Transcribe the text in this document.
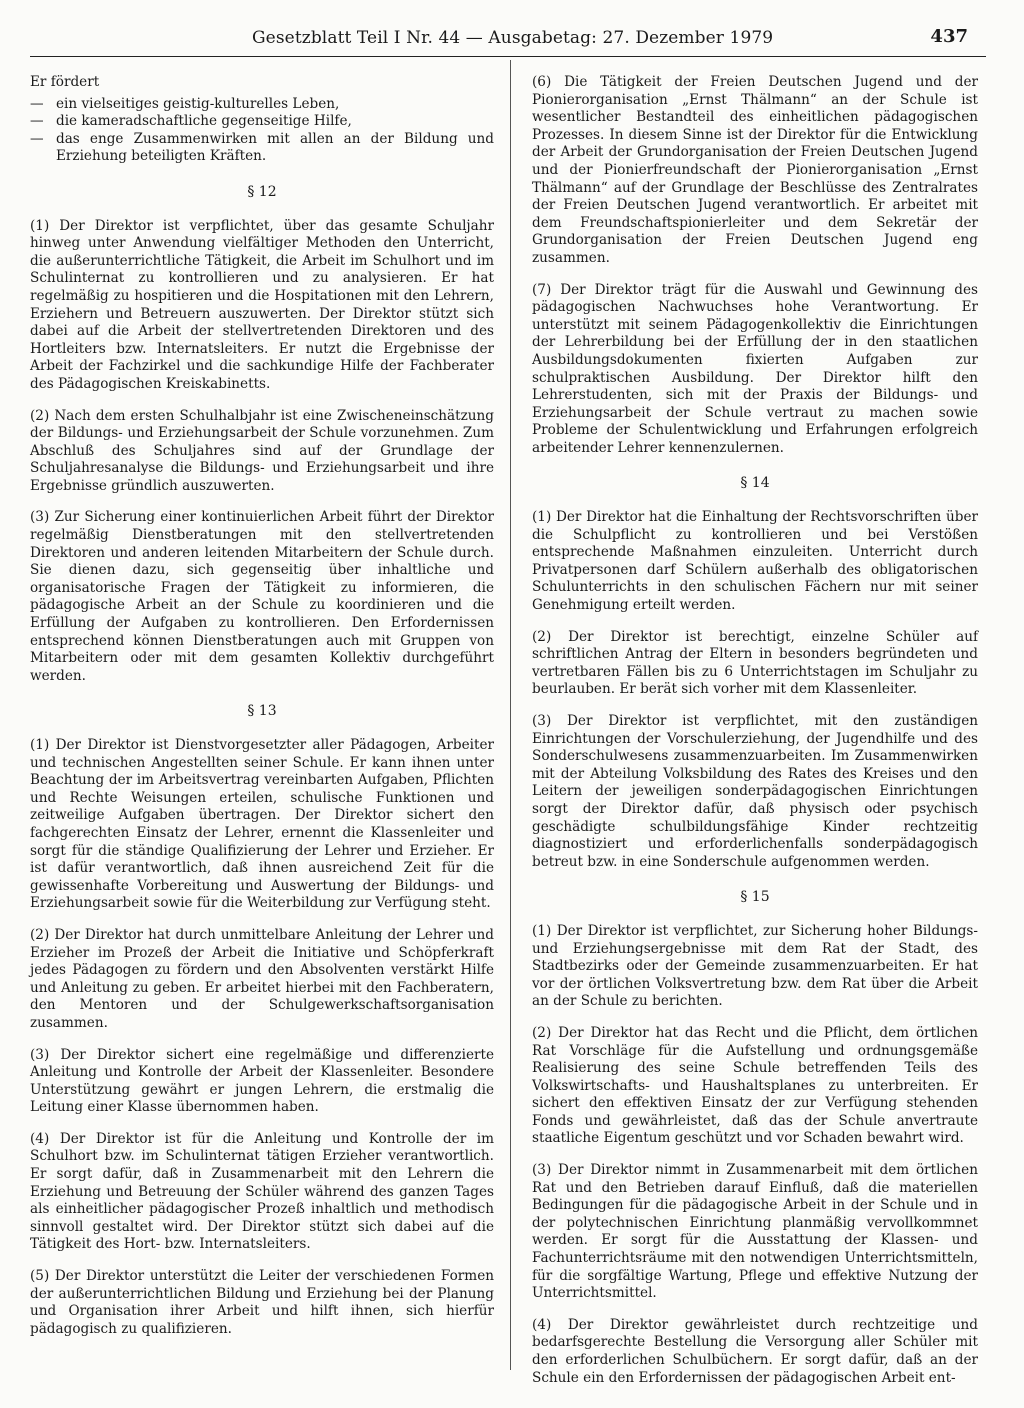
Gesetzblatt Teil I Nr. 44 — Ausgabetag: 27. Dezember 1979	437

Er fördert

— ein vielseitiges geistig-kulturelles Leben,
— die kameradschaftliche gegenseitige Hilfe,
— das enge Zusammenwirken mit allen an der Bildung und Erziehung beteiligten Kräften.
§ 12

(1) Der Direktor ist verpflichtet, über das gesamte Schuljahr hinweg unter Anwendung vielfältiger Methoden den Unterricht, die außerunterrichtliche Tätigkeit, die Arbeit im Schulhort und im Schulinternat zu kontrollieren und zu analysieren. Er hat regelmäßig zu hospitieren und die Hospitationen mit den Lehrern, Erziehern und Betreuern auszuwerten. Der Direktor stützt sich dabei auf die Arbeit der stellvertretenden Direktoren und des Hortleiters bzw. Internatsleiters. Er nutzt die Ergebnisse der Arbeit der Fachzirkel und die sachkundige Hilfe der Fachberater des Pädagogischen Kreiskabinetts.

(2) Nach dem ersten Schulhalbjahr ist eine Zwischeneinschätzung der Bildungs- und Erziehungsarbeit der Schule vorzunehmen. Zum Abschluß des Schuljahres sind auf der Grundlage der Schuljahresanalyse die Bildungs- und Erziehungsarbeit und ihre Ergebnisse gründlich auszuwerten.

(3) Zur Sicherung einer kontinuierlichen Arbeit führt der Direktor regelmäßig Dienstberatungen mit den stellvertretenden Direktoren und anderen leitenden Mitarbeitern der Schule durch. Sie dienen dazu, sich gegenseitig über inhaltliche und organisatorische Fragen der Tätigkeit zu informieren, die pädagogische Arbeit an der Schule zu koordinieren und die Erfüllung der Aufgaben zu kontrollieren. Den Erfordernissen entsprechend können Dienstberatungen auch mit Gruppen von Mitarbeitern oder mit dem gesamten Kollektiv durchgeführt werden.

§ 13

(1) Der Direktor ist Dienstvorgesetzter aller Pädagogen, Arbeiter und technischen Angestellten seiner Schule. Er kann ihnen unter Beachtung der im Arbeitsvertrag vereinbarten Aufgaben, Pflichten und Rechte Weisungen erteilen, schulische Funktionen und zeitweilige Aufgaben übertragen. Der Direktor sichert den fachgerechten Einsatz der Lehrer, ernennt die Klassenleiter und sorgt für die ständige Qualifizierung der Lehrer und Erzieher. Er ist dafür verantwortlich, daß ihnen ausreichend Zeit für die gewissenhafte Vorbereitung und Auswertung der Bildungs- und Erziehungsarbeit sowie für die Weiterbildung zur Verfügung steht.

(2) Der Direktor hat durch unmittelbare Anleitung der Lehrer und Erzieher im Prozeß der Arbeit die Initiative und Schöpferkraft jedes Pädagogen zu fördern und den Absolventen verstärkt Hilfe und Anleitung zu geben. Er arbeitet hierbei mit den Fachberatern, den Mentoren und der Schulgewerkschaftsorganisation zusammen.

(3) Der Direktor sichert eine regelmäßige und differenzierte Anleitung und Kontrolle der Arbeit der Klassenleiter. Besondere Unterstützung gewährt er jungen Lehrern, die erstmalig die Leitung einer Klasse übernommen haben.

(4) Der Direktor ist für die Anleitung und Kontrolle der im Schulhort bzw. im Schulinternat tätigen Erzieher verantwortlich. Er sorgt dafür, daß in Zusammenarbeit mit den Lehrern die Erziehung und Betreuung der Schüler während des ganzen Tages als einheitlicher pädagogischer Prozeß inhaltlich und methodisch sinnvoll gestaltet wird. Der Direktor stützt sich dabei auf die Tätigkeit des Hort- bzw. Internatsleiters.

(5) Der Direktor unterstützt die Leiter der verschiedenen Formen der außerunterrichtlichen Bildung und Erziehung bei der Planung und Organisation ihrer Arbeit und hilft ihnen, sich hierfür pädagogisch zu qualifizieren.

(6) Die Tätigkeit der Freien Deutschen Jugend und der Pionierorganisation „Ernst Thälmann“ an der Schule ist wesentlicher Bestandteil des einheitlichen pädagogischen Prozesses. In diesem Sinne ist der Direktor für die Entwicklung der Arbeit der Grundorganisation der Freien Deutschen Jugend und der Pionierfreundschaft der Pionierorganisation „Ernst Thälmann“ auf der Grundlage der Beschlüsse des Zentralrates der Freien Deutschen Jugend verantwortlich. Er arbeitet mit dem Freundschaftspionierleiter und dem Sekretär der Grundorganisation der Freien Deutschen Jugend eng zusammen.

(7) Der Direktor trägt für die Auswahl und Gewinnung des pädagogischen Nachwuchses hohe Verantwortung. Er unterstützt mit seinem Pädagogenkollektiv die Einrichtungen der Lehrerbildung bei der Erfüllung der in den staatlichen Ausbildungsdokumenten fixierten Aufgaben zur schulpraktischen Ausbildung. Der Direktor hilft den Lehrerstudenten, sich mit der Praxis der Bildungs- und Erziehungsarbeit der Schule vertraut zu machen sowie Probleme der Schulentwicklung und Erfahrungen erfolgreich arbeitender Lehrer kennenzulernen.

§ 14

(1) Der Direktor hat die Einhaltung der Rechtsvorschriften über die Schulpflicht zu kontrollieren und bei Verstößen entsprechende Maßnahmen einzuleiten. Unterricht durch Privatpersonen darf Schülern außerhalb des obligatorischen Schulunterrichts in den schulischen Fächern nur mit seiner Genehmigung erteilt werden.

(2) Der Direktor ist berechtigt, einzelne Schüler auf schriftlichen Antrag der Eltern in besonders begründeten und vertretbaren Fällen bis zu 6 Unterrichtstagen im Schuljahr zu beurlauben. Er berät sich vorher mit dem Klassenleiter.

(3) Der Direktor ist verpflichtet, mit den zuständigen Einrichtungen der Vorschulerziehung, der Jugendhilfe und des Sonderschulwesens zusammenzuarbeiten. Im Zusammenwirken mit der Abteilung Volksbildung des Rates des Kreises und den Leitern der jeweiligen sonderpädagogischen Einrichtungen sorgt der Direktor dafür, daß physisch oder psychisch geschädigte schulbildungsfähige Kinder rechtzeitig diagnostiziert und erforderlichenfalls sonderpädagogisch betreut bzw. in eine Sonderschule aufgenommen werden.

§ 15

(1) Der Direktor ist verpflichtet, zur Sicherung hoher Bildungs- und Erziehungsergebnisse mit dem Rat der Stadt, des Stadtbezirks oder der Gemeinde zusammenzuarbeiten. Er hat vor der örtlichen Volksvertretung bzw. dem Rat über die Arbeit an der Schule zu berichten.

(2) Der Direktor hat das Recht und die Pflicht, dem örtlichen Rat Vorschläge für die Aufstellung und ordnungsgemäße Realisierung des seine Schule betreffenden Teils des Volkswirtschafts- und Haushaltsplanes zu unterbreiten. Er sichert den effektiven Einsatz der zur Verfügung stehenden Fonds und gewährleistet, daß das der Schule anvertraute staatliche Eigentum geschützt und vor Schaden bewahrt wird.

(3) Der Direktor nimmt in Zusammenarbeit mit dem örtlichen Rat und den Betrieben darauf Einfluß, daß die materiellen Bedingungen für die pädagogische Arbeit in der Schule und in der polytechnischen Einrichtung planmäßig vervollkommnet werden. Er sorgt für die Ausstattung der Klassen- und Fachunterrichtsräume mit den notwendigen Unterrichtsmitteln, für die sorgfältige Wartung, Pflege und effektive Nutzung der Unterrichtsmittel.

(4) Der Direktor gewährleistet durch rechtzeitige und bedarfsgerechte Bestellung die Versorgung aller Schüler mit den erforderlichen Schulbüchern. Er sorgt dafür, daß an der Schule ein den Erfordernissen der pädagogischen Arbeit ent-
